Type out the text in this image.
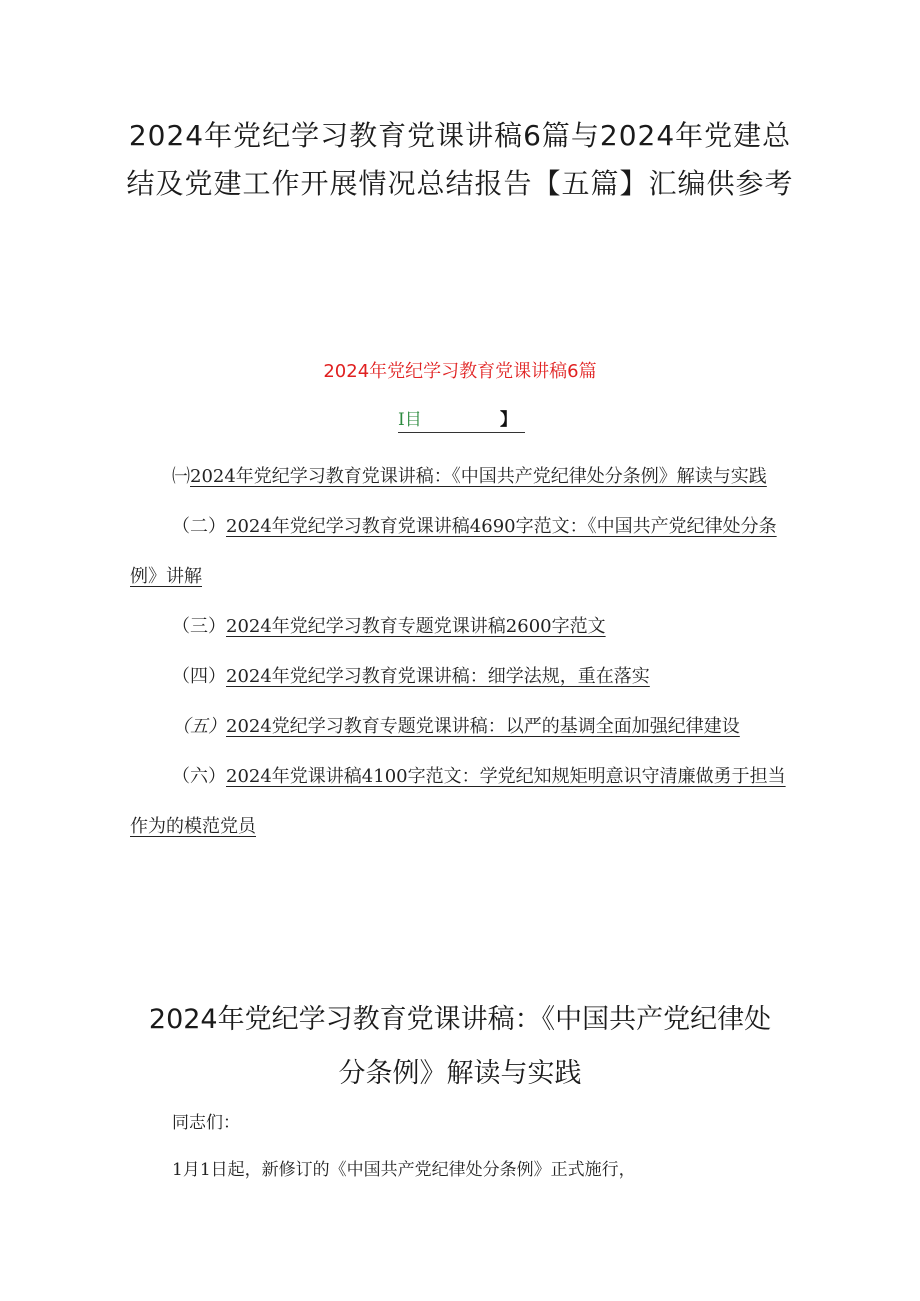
2024年党纪学习教育党课讲稿6篇与2024年党建总
结及党建工作开展情况总结报告【五篇】汇编供参考
2024年党纪学习教育党课讲稿6篇
I目	】
㈠2024年党纪学习教育党课讲稿：《中国共产党纪律处分条例》解读与实践
（二）2024年党纪学习教育党课讲稿4690字范文：《中国共产党纪律处分条例》讲解
（三）2024年党纪学习教育专题党课讲稿2600字范文
（四）2024年党纪学习教育党课讲稿：细学法规，重在落实
（五）2024党纪学习教育专题党课讲稿：以严的基调全面加强纪律建设
（六）2024年党课讲稿4100字范文：学党纪知规矩明意识守清廉做勇于担当作为的模范党员
2024年党纪学习教育党课讲稿：《中国共产党纪律处
分条例》解读与实践
同志们：
1月1日起，新修订的《中国共产党纪律处分条例》正式施行，
